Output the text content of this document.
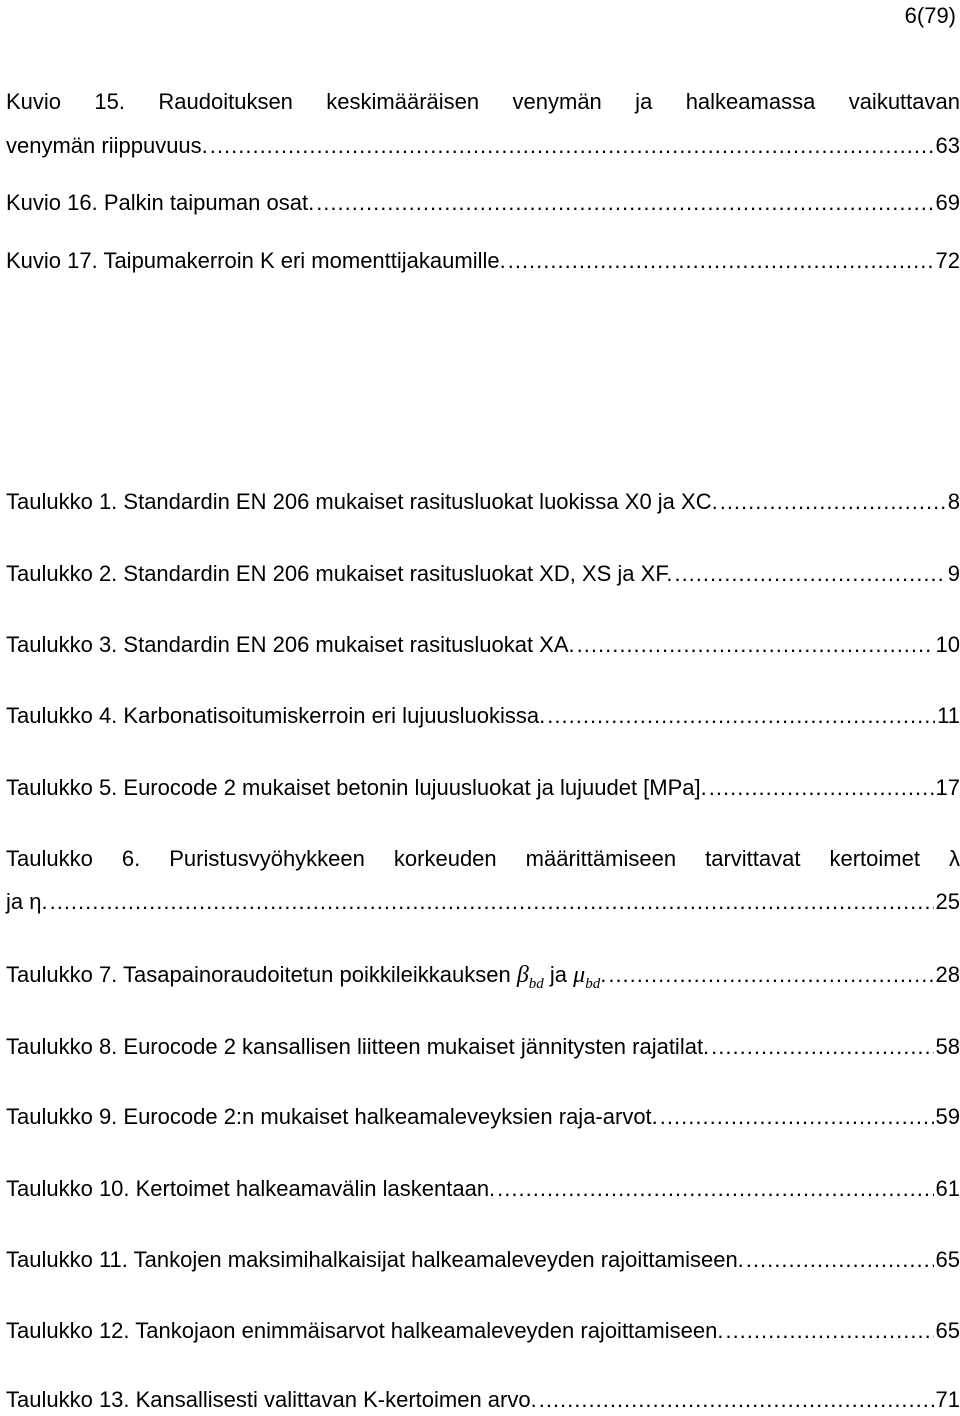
6(79)
Kuvio 15. Raudoituksen keskimääräisen venymän ja halkeamassa vaikuttavan
venymän riippuvuus. .....	63
Kuvio 16. Palkin taipuman osat. .....	69
Kuvio 17. Taipumakerroin K eri momenttijakaumille. .....	72
Taulukko 1. Standardin EN 206 mukaiset rasitusluokat luokissa X0 ja XC. .....	8
Taulukko 2. Standardin EN 206 mukaiset rasitusluokat XD, XS ja XF. .....	9
Taulukko 3. Standardin EN 206 mukaiset rasitusluokat XA. .....	10
Taulukko 4. Karbonatisoitumiskerroin eri lujuusluokissa. .....	11
Taulukko 5. Eurocode 2 mukaiset betonin lujuusluokat ja lujuudet [MPa]. .....	17
Taulukko 6. Puristusvyöhykkeen korkeuden määrittämiseen tarvittavat kertoimet λ
ja η. .....	25
Taulukko 7. Tasapainoraudoitetun poikkileikkauksen $\beta_{bd}$ ja $\mu_{bd}$. .....	28
Taulukko 8. Eurocode 2 kansallisen liitteen mukaiset jännitysten rajatilat. .....	58
Taulukko 9. Eurocode 2:n mukaiset halkeamaleveyksien raja-arvot. .....	59
Taulukko 10. Kertoimet halkeamavälin laskentaan. .....	61
Taulukko 11. Tankojen maksimihalkaisijat halkeamaleveyden rajoittamiseen. .....	65
Taulukko 12. Tankojaon enimmäisarvot halkeamaleveyden rajoittamiseen. .....	65
Taulukko 13. Kansallisesti valittavan K-kertoimen arvo. .....	71
